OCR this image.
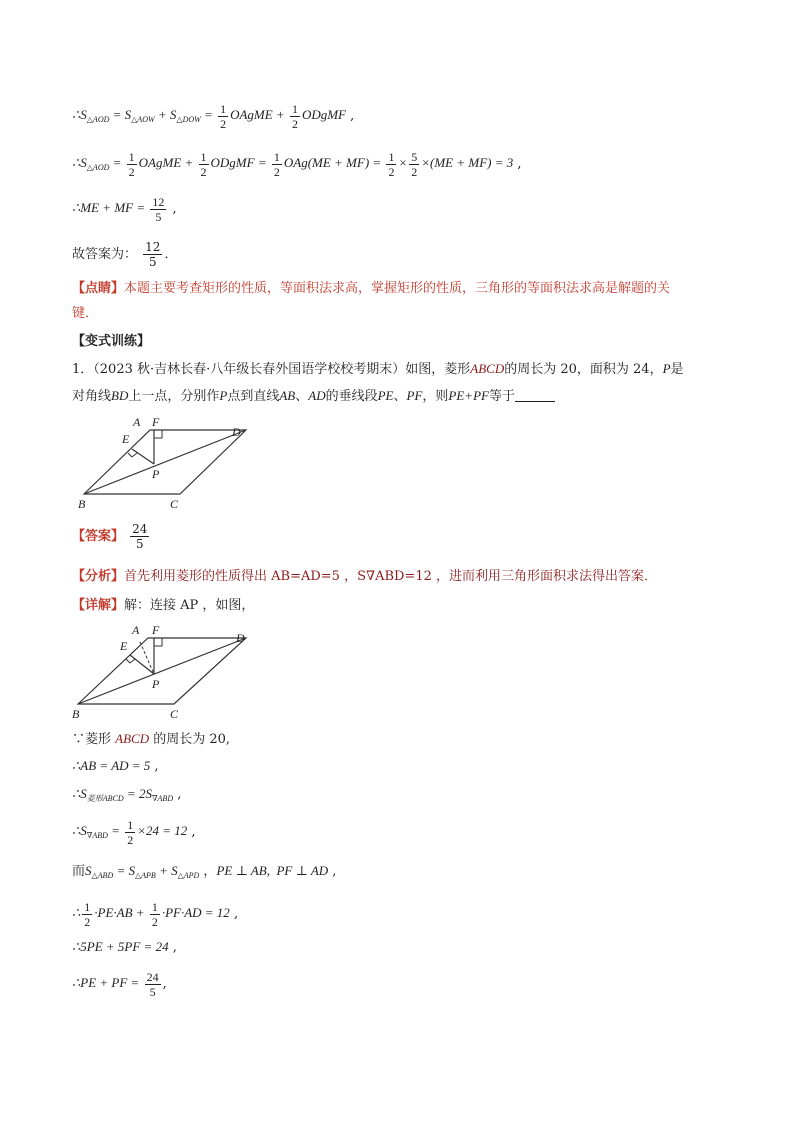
$\therefore S_{\triangle AOD} = S_{\triangle AOW} + S_{\triangle DOW} = \frac{1}{2}$ OAgME + $\frac{1}{2}$ ODgMF ,
$\therefore S_{\triangle AOD} = \frac{1}{2}$ OAgME + $\frac{1}{2}$ ODgMF = $\frac{1}{2} OAg(ME + MF) = \frac{1}{2} \times \frac{5}{2} \times(ME + MF) = 3$ ,
∴ME + MF = $\frac{12}{5}$ ,
故答案为： $\frac{12}{5}$ ．
【点睛】本题主要考查矩形的性质，等面积法求高，掌握矩形的性质，三角形的等面积法求高是解题的关
键．
【变式训练】
1．（2023 秋·吉林长春·八年级长春外国语学校校考期末）如图，菱形ABCD的周长为 20，面积为 24，P是
对角线BD上一点，分别作P点到直线AB、AD的垂线段PE、PF，则PE+PF等于
A F
D
E
P
B	C
【答案】 $\frac{24}{5}$
【分析】首先利用菱形的性质得出 AB=AD=5 ，S∇ABD=12 ，进而利用三角形面积求法得出答案．
【详解】解：连接 AP ，如图，
A F
D
E
P
B	C
∵菱形 ABCD 的周长为 20,
∴AB = AD = 5 ,
$\therefore S_{菱形ABCD} = 2S_{\nabla ABD}$ ,
$\therefore S_{\nabla ABD} = \frac{1}{2} \times 24 = 12$ ,
而$S_{\triangle ABD} = S_{\triangle APB} + S_{\triangle APD}$ ，PE ⊥ AB,  PF ⊥ AD ,
∴ $\frac{1}{2} \cdot PE\cdot AB + \frac{1}{2} \cdot PF\cdot AD = 12$ ,
∴5PE + 5PF = 24 ,
∴PE + PF = $\frac{24}{5}$ ,
